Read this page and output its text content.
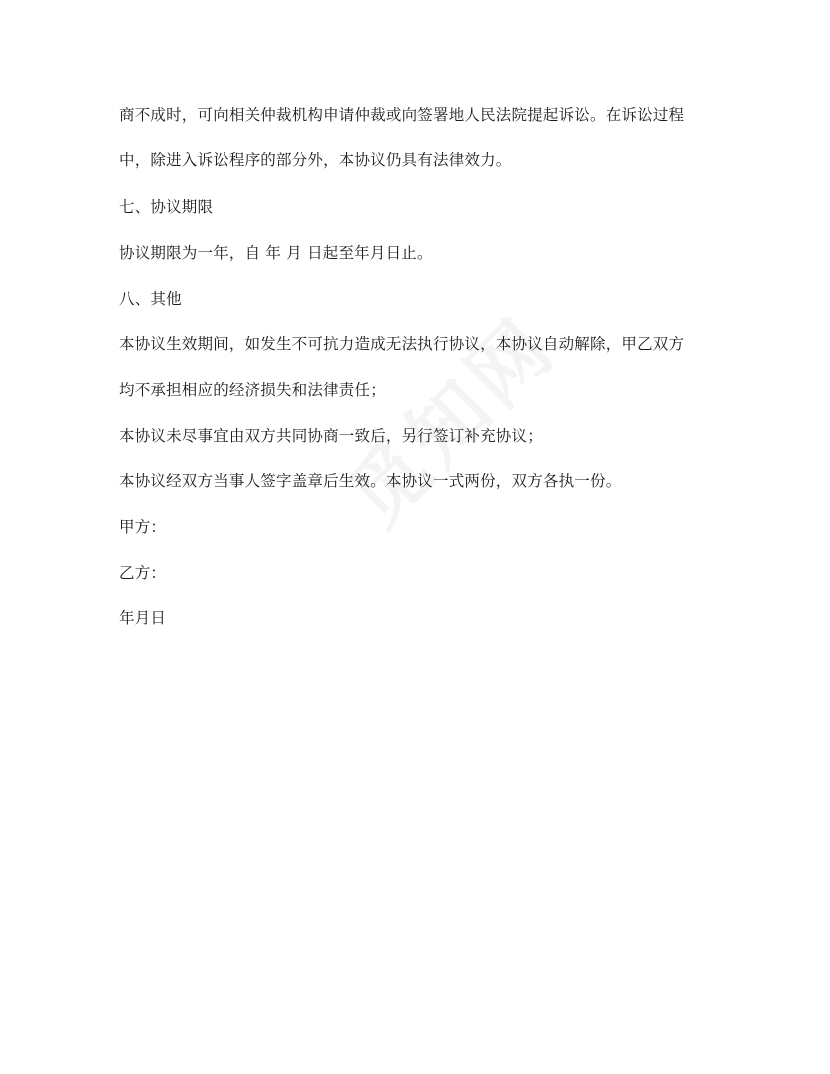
商不成时，可向相关仲裁机构申请仲裁或向签署地人民法院提起诉讼。在诉讼过程
中，除进入诉讼程序的部分外，本协议仍具有法律效力。
七、协议期限
协议期限为一年，自 年 月 日起至年月日止。
八、其他
本协议生效期间，如发生不可抗力造成无法执行协议，本协议自动解除，甲乙双方
均不承担相应的经济损失和法律责任；
本协议未尽事宜由双方共同协商一致后，另行签订补充协议；
本协议经双方当事人签字盖章后生效。本协议一式两份，双方各执一份。
甲方：
乙方：
年月日
